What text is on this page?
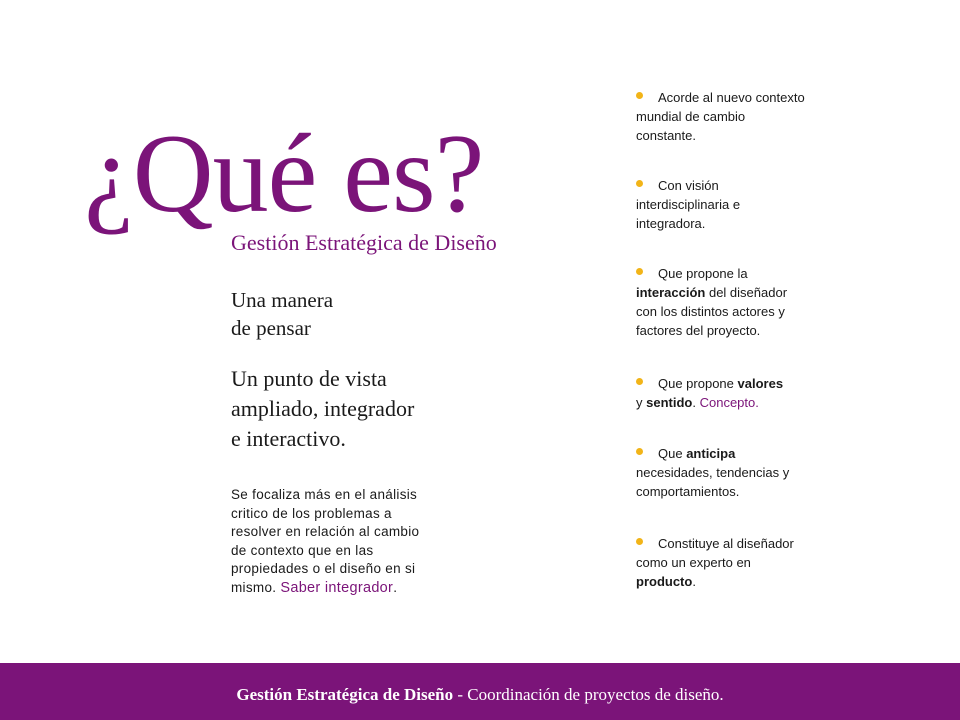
¿Qué es?
Gestión Estratégica de Diseño
Una manera
de pensar
Un punto de vista
ampliado, integrador
e interactivo.
Se focaliza más en el análisis
critico de los problemas a
resolver en relación al cambio
de contexto que en las
propiedades o el diseño en si
mismo. Saber integrador.
Acorde al nuevo contexto
mundial de cambio
constante.
Con visión
interdisciplinaria e
integradora.
Que propone la
interacción del diseñador
con los distintos actores y
factores del proyecto.
Que propone valores
y sentido. Concepto.
Que anticipa
necesidades, tendencias y
comportamientos.
Constituye al diseñador
como un experto en
producto.
Gestión Estratégica de Diseño - Coordinación de proyectos de diseño.
